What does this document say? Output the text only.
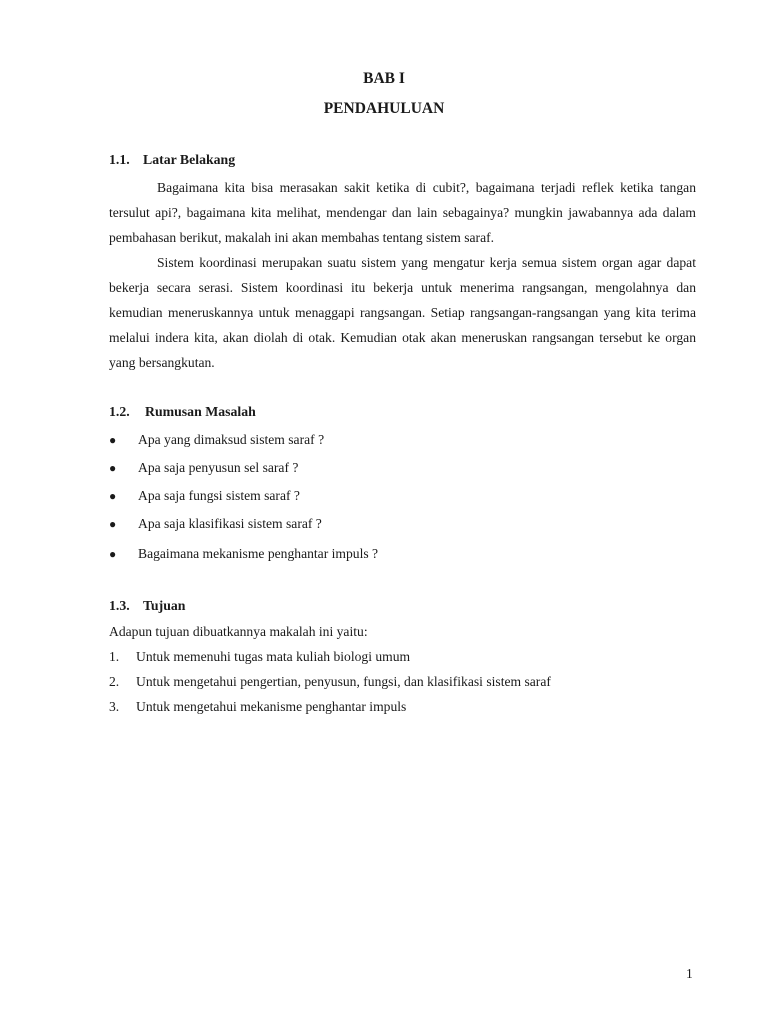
BAB I
PENDAHULUAN
1.1. Latar Belakang
Bagaimana kita bisa merasakan sakit ketika di cubit?, bagaimana terjadi reflek ketika tangan tersulut api?, bagaimana kita melihat, mendengar dan lain sebagainya? mungkin jawabannya ada dalam pembahasan berikut, makalah ini akan membahas tentang sistem saraf.
Sistem koordinasi merupakan suatu sistem yang mengatur kerja semua sistem organ agar dapat bekerja secara serasi. Sistem koordinasi itu bekerja untuk menerima rangsangan, mengolahnya dan kemudian meneruskannya untuk menaggapi rangsangan. Setiap rangsangan-rangsangan yang kita terima melalui indera kita, akan diolah di otak. Kemudian otak akan meneruskan rangsangan tersebut ke organ yang bersangkutan.
1.2. Rumusan Masalah
●	Apa yang dimaksud sistem saraf ?
●	Apa saja penyusun sel saraf ?
●	Apa saja fungsi sistem saraf ?
●	Apa saja klasifikasi sistem saraf ?
●	Bagaimana mekanisme penghantar impuls ?
1.3. Tujuan
Adapun tujuan dibuatkannya makalah ini yaitu:
1. Untuk memenuhi tugas mata kuliah biologi umum
2. Untuk mengetahui pengertian, penyusun, fungsi, dan klasifikasi sistem saraf
3. Untuk mengetahui mekanisme penghantar impuls
1
